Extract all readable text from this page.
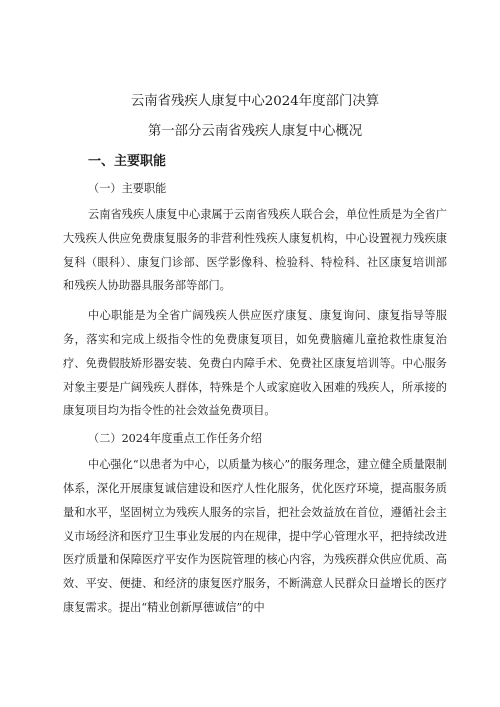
云南省残疾人康复中心2024年度部门决算
第一部分云南省残疾人康复中心概况
一、主要职能
（一）主要职能

云南省残疾人康复中心隶属于云南省残疾人联合会，单位性质是为全省广大残疾人供应免费康复服务的非营利性残疾人康复机构，中心设置视力残疾康复科（眼科）、康复门诊部、医学影像科、检验科、特检科、社区康复培训部和残疾人协助器具服务部等部门。

中心职能是为全省广阔残疾人供应医疗康复、康复询问、康复指导等服务，落实和完成上级指令性的免费康复项目，如免费脑瘫儿童抢救性康复治疗、免费假肢矫形器安装、免费白内障手术、免费社区康复培训等。中心服务对象主要是广阔残疾人群体，特殊是个人或家庭收入困难的残疾人，所承接的康复项目均为指令性的社会效益免费项目。

（二）2024年度重点工作任务介绍

中心强化“以患者为中心，以质量为核心”的服务理念，建立健全质量限制体系，深化开展康复诚信建设和医疗人性化服务，优化医疗环境，提高服务质量和水平，坚固树立为残疾人服务的宗旨，把社会效益放在首位，遵循社会主义市场经济和医疗卫生事业发展的内在规律，提中学心管理水平，把持续改进医疗质量和保障医疗平安作为医院管理的核心内容，为残疾群众供应优质、高效、平安、便捷、和经济的康复医疗服务，不断满意人民群众日益增长的医疗康复需求。提出“精业创新厚德诚信”的中
